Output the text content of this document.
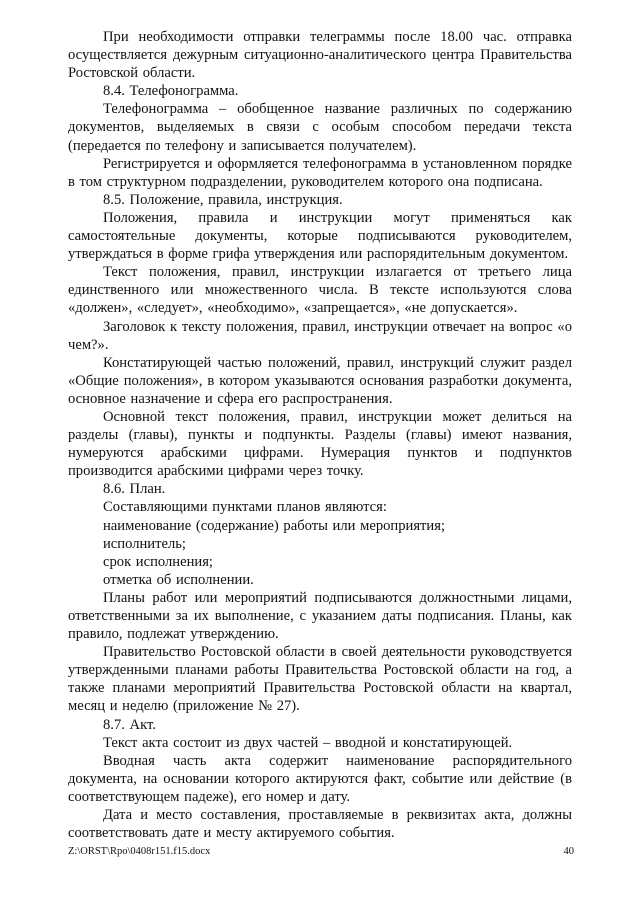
При необходимости отправки телеграммы после 18.00 час. отправка осуществляется дежурным ситуационно-аналитического центра Правительства Ростовской области.

8.4. Телефонограмма.

Телефонограмма – обобщенное название различных по содержанию документов, выделяемых в связи с особым способом передачи текста (передается по телефону и записывается получателем).

Регистрируется и оформляется телефонограмма в установленном порядке в том структурном подразделении, руководителем которого она подписана.

8.5. Положение, правила, инструкция.

Положения, правила и инструкции могут применяться как самостоятельные документы, которые подписываются руководителем, утверждаться в форме грифа утверждения или распорядительным документом.

Текст положения, правил, инструкции излагается от третьего лица единственного или множественного числа. В тексте используются слова «должен», «следует», «необходимо», «запрещается», «не допускается».

Заголовок к тексту положения, правил, инструкции отвечает на вопрос «о чем?».

Констатирующей частью положений, правил, инструкций служит раздел «Общие положения», в котором указываются основания разработки документа, основное назначение и сфера его распространения.

Основной текст положения, правил, инструкции может делиться на разделы (главы), пункты и подпункты. Разделы (главы) имеют названия, нумеруются арабскими цифрами. Нумерация пунктов и подпунктов производится арабскими цифрами через точку.

8.6. План.

Составляющими пунктами планов являются:

наименование (содержание) работы или мероприятия;

исполнитель;

срок исполнения;

отметка об исполнении.

Планы работ или мероприятий подписываются должностными лицами, ответственными за их выполнение, с указанием даты подписания. Планы, как правило, подлежат утверждению.

Правительство Ростовской области в своей деятельности руководствуется утвержденными планами работы Правительства Ростовской области на год, а также планами мероприятий Правительства Ростовской области на квартал, месяц и неделю (приложение № 27).

8.7. Акт.

Текст акта состоит из двух частей – вводной и констатирующей.

Вводная часть акта содержит наименование распорядительного документа, на основании которого актируются факт, событие или действие (в соответствующем падеже), его номер и дату.

Дата и место составления, проставляемые в реквизитах акта, должны соответствовать дате и месту актируемого события.

Z:\ORST\Rpo\0408r151.f15.docx	40
